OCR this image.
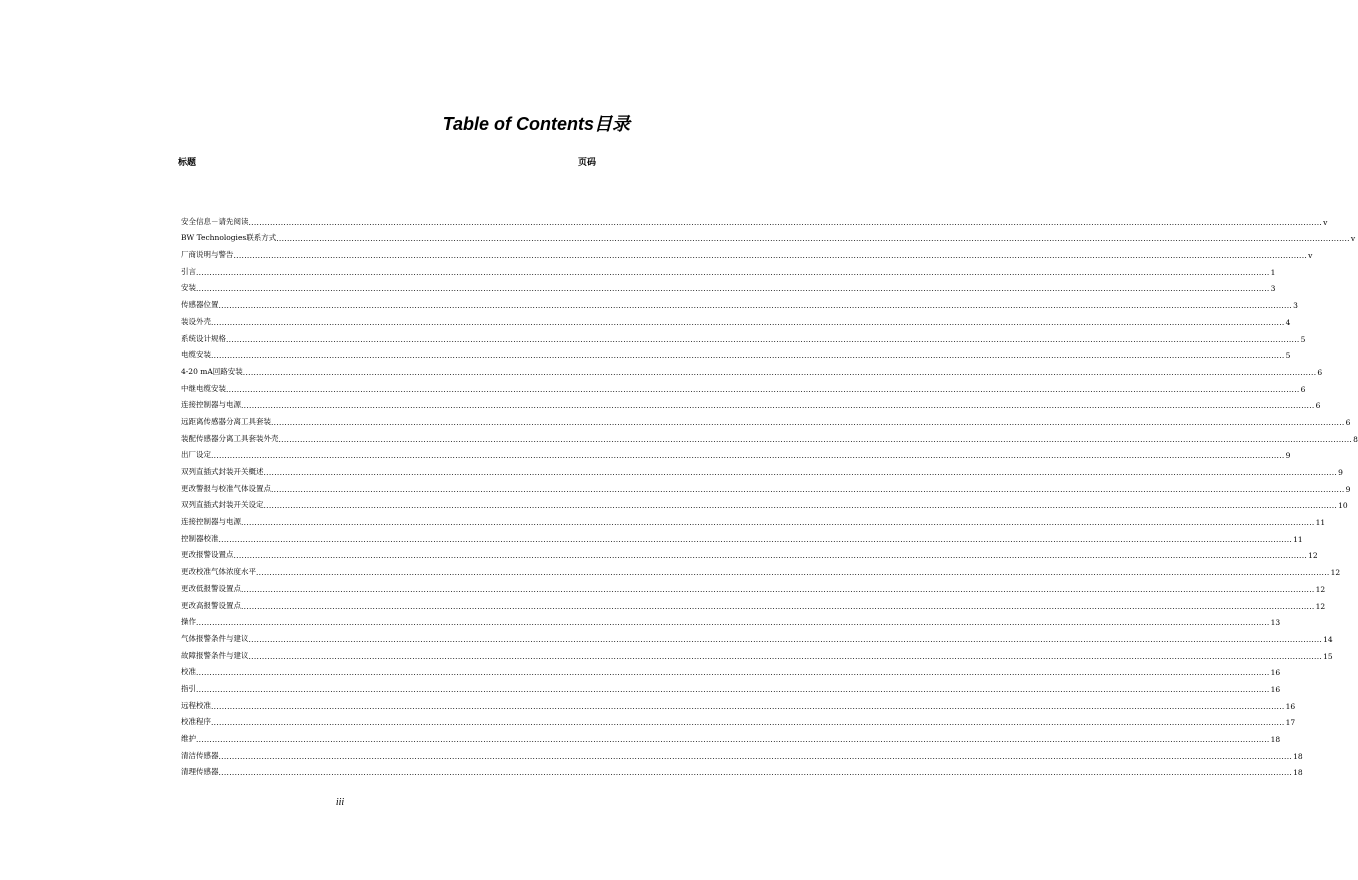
Table of Contents目录
标题	页码
安全信息－请先阅读 ................................................................................................................................................................................................................................................................................................................................................................................................................ v
BW Technologies联系方式 ................................................................................................................................................................................................................................................................................................................................................................................................................ v
厂商说明与警告 ................................................................................................................................................................................................................................................................................................................................................................................................................ v
引言 ................................................................................................................................................................................................................................................................................................................................................................................................................ 1
安装 ................................................................................................................................................................................................................................................................................................................................................................................................................ 3
传感器位置 ................................................................................................................................................................................................................................................................................................................................................................................................................ 3
装设外壳 ................................................................................................................................................................................................................................................................................................................................................................................................................ 4
系统设计规格 ................................................................................................................................................................................................................................................................................................................................................................................................................ 5
电缆安装 ................................................................................................................................................................................................................................................................................................................................................................................................................ 5
4-20 mA回路安装 ................................................................................................................................................................................................................................................................................................................................................................................................................ 6
中继电缆安装 ................................................................................................................................................................................................................................................................................................................................................................................................................ 6
连接控制器与电源 ................................................................................................................................................................................................................................................................................................................................................................................................................ 6
远距离传感器分离工具套装 ................................................................................................................................................................................................................................................................................................................................................................................................................ 6
装配传感器分离工具套装外壳 ................................................................................................................................................................................................................................................................................................................................................................................................................ 8
出厂设定 ................................................................................................................................................................................................................................................................................................................................................................................................................ 9
双列直插式封装开关概述 ................................................................................................................................................................................................................................................................................................................................................................................................................ 9
更改警报与校准气体设置点 ................................................................................................................................................................................................................................................................................................................................................................................................................ 9
双列直插式封装开关设定 ................................................................................................................................................................................................................................................................................................................................................................................................................ 10
连接控制器与电源 ................................................................................................................................................................................................................................................................................................................................................................................................................ 11
控制器校准 ................................................................................................................................................................................................................................................................................................................................................................................................................ 11
更改报警设置点 ................................................................................................................................................................................................................................................................................................................................................................................................................ 12
更改校准气体浓度水平 ................................................................................................................................................................................................................................................................................................................................................................................................................ 12
更改低报警设置点 ................................................................................................................................................................................................................................................................................................................................................................................................................ 12
更改高报警设置点 ................................................................................................................................................................................................................................................................................................................................................................................................................ 12
操作 ................................................................................................................................................................................................................................................................................................................................................................................................................ 13
气体报警条件与建议 ................................................................................................................................................................................................................................................................................................................................................................................................................ 14
故障报警条件与建议 ................................................................................................................................................................................................................................................................................................................................................................................................................ 15
校准 ................................................................................................................................................................................................................................................................................................................................................................................................................ 16
指引 ................................................................................................................................................................................................................................................................................................................................................................................................................ 16
远程校准 ................................................................................................................................................................................................................................................................................................................................................................................................................ 16
校准程序 ................................................................................................................................................................................................................................................................................................................................................................................................................ 17
维护 ................................................................................................................................................................................................................................................................................................................................................................................................................ 18
清洁传感器 ................................................................................................................................................................................................................................................................................................................................................................................................................ 18
清理传感器 ................................................................................................................................................................................................................................................................................................................................................................................................................ 18
iii
